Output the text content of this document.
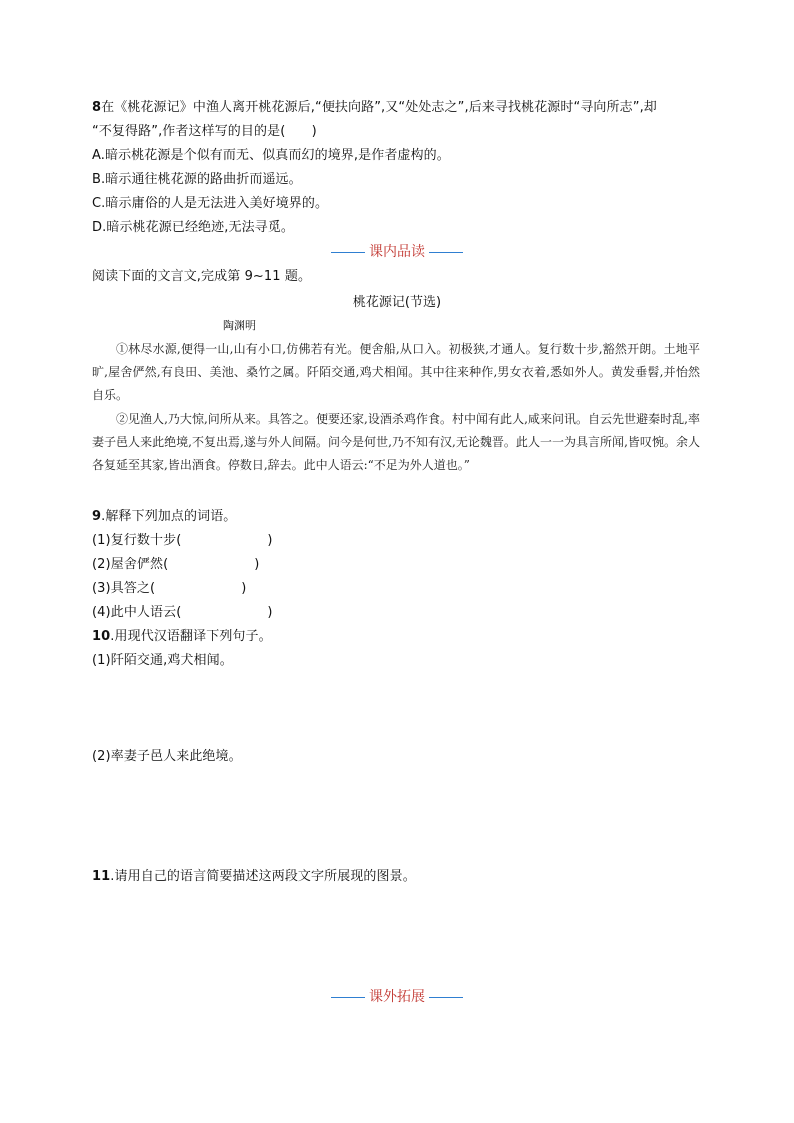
8在《桃花源记》中渔人离开桃花源后,“便扶向路”,又“处处志之”,后来寻找桃花源时“寻向所志”,却
“不复得路”,作者这样写的目的是(　　)
A.暗示桃花源是个似有而无、似真而幻的境界,是作者虚构的。
B.暗示通往桃花源的路曲折而遥远。
C.暗示庸俗的人是无法进入美好境界的。
D.暗示桃花源已经绝迹,无法寻觅。
课内品读
阅读下面的文言文,完成第 9~11 题。
桃花源记(节选)
陶渊明
①林尽水源,便得一山,山有小口,仿佛若有光。便舍船,从口入。初极狭,才通人。复行数十步,豁然开朗。土地平旷,屋舍俨然,有良田、美池、桑竹之属。阡陌交通,鸡犬相闻。其中往来种作,男女衣着,悉如外人。黄发垂髫,并怡然自乐。
②见渔人,乃大惊,问所从来。具答之。便要还家,设酒杀鸡作食。村中闻有此人,咸来问讯。自云先世避秦时乱,率妻子邑人来此绝境,不复出焉,遂与外人间隔。问今是何世,乃不知有汉,无论魏晋。此人一一为具言所闻,皆叹惋。余人各复延至其家,皆出酒食。停数日,辞去。此中人语云:“不足为外人道也。”
9.解释下列加点的词语。
(1)复行数十步(	)
(2)屋舍俨然(	)
(3)具答之(	)
(4)此中人语云(	)
10.用现代汉语翻译下列句子。
(1)阡陌交通,鸡犬相闻。
(2)率妻子邑人来此绝境。
11.请用自己的语言简要描述这两段文字所展现的图景。
课外拓展
